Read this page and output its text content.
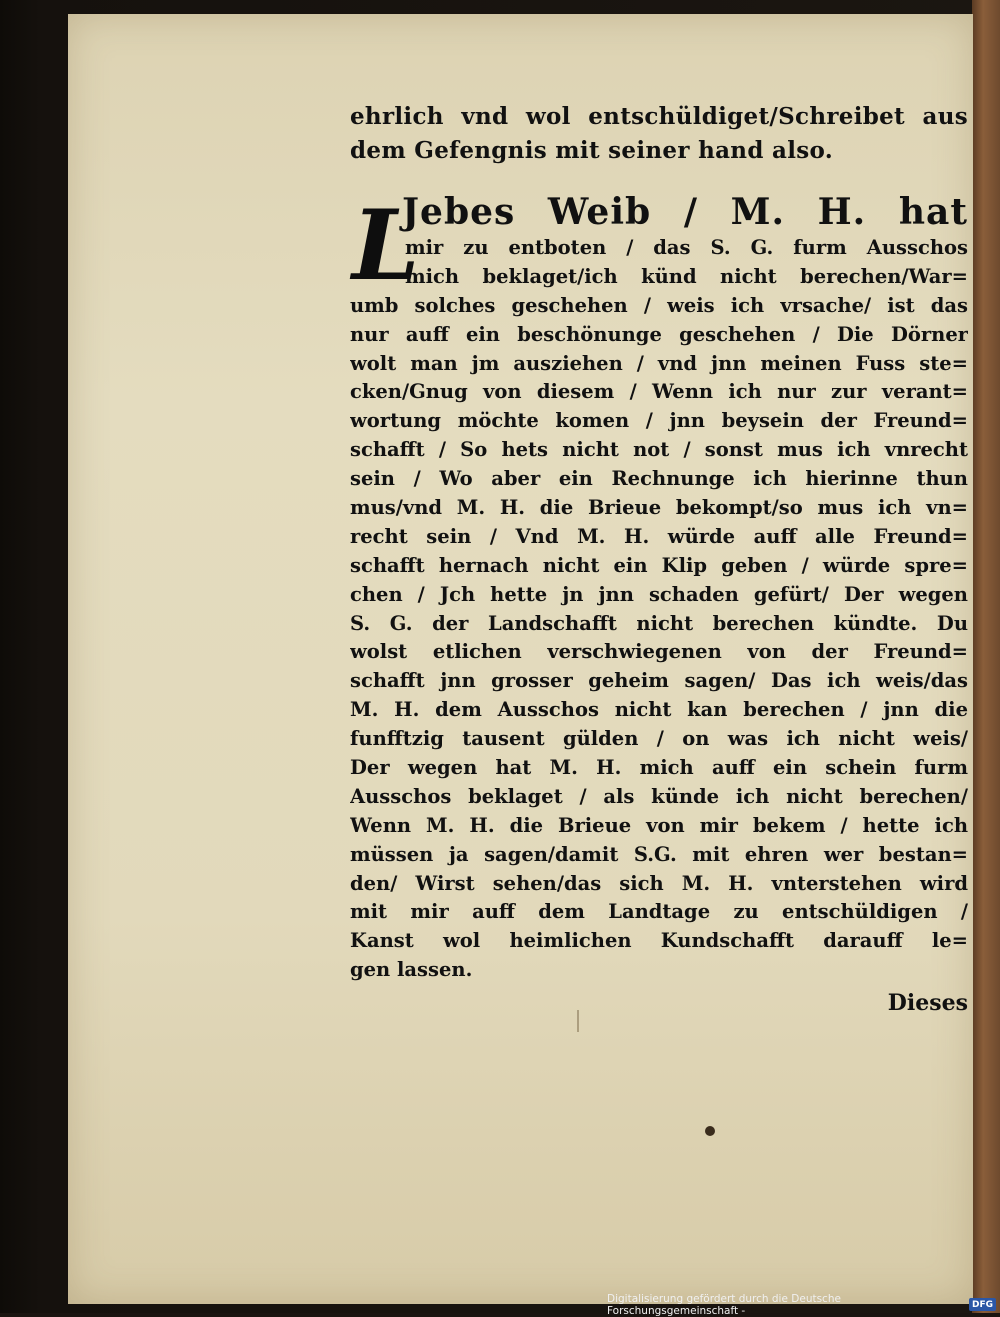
ehrlich vnd wol entschüldiget/Schreibet aus
dem Gefengnis mit seiner hand also.
Jebes Weib / M. H. hat
mir zu entboten / das S. G. furm Ausschos
mich beklaget/ich künd nicht berechen/War=
umb solches geschehen / weis ich vrsache/ ist das
nur auff ein beschönunge geschehen / Die Dörner
wolt man jm ausziehen / vnd jnn meinen Fuss ste=
cken/Gnug von diesem / Wenn ich nur zur verant=
wortung möchte komen / jnn beysein der Freund=
schafft / So hets nicht not / sonst mus ich vnrecht
sein / Wo aber ein Rechnunge ich hierinne thun
mus/vnd M. H. die Brieue bekompt/so mus ich vn=
recht sein / Vnd M. H. würde auff alle Freund=
schafft hernach nicht ein Klip geben / würde spre=
chen / Jch hette jn jnn schaden gefürt/ Der wegen
S. G. der Landschafft nicht berechen kündte. Du
wolst etlichen verschwiegenen von der Freund=
schafft jnn grosser geheim sagen/ Das ich weis/das
M. H. dem Ausschos nicht kan berechen / jnn die
funfftzig tausent gülden / on was ich nicht weis/
Der wegen hat M. H. mich auff ein schein furm
Ausschos beklaget / als künde ich nicht berechen/
Wenn M. H. die Brieue von mir bekem / hette ich
müssen ja sagen/damit S.G. mit ehren wer bestan=
den/ Wirst sehen/das sich M. H. vnterstehen wird
mit mir auff dem Landtage zu entschüldigen /
Kanst wol heimlichen Kundschafft darauff le=
gen lassen.
L
Dieses
Digitalisierung gefördert durch die Deutsche Forschungsgemeinschaft -	DFG
